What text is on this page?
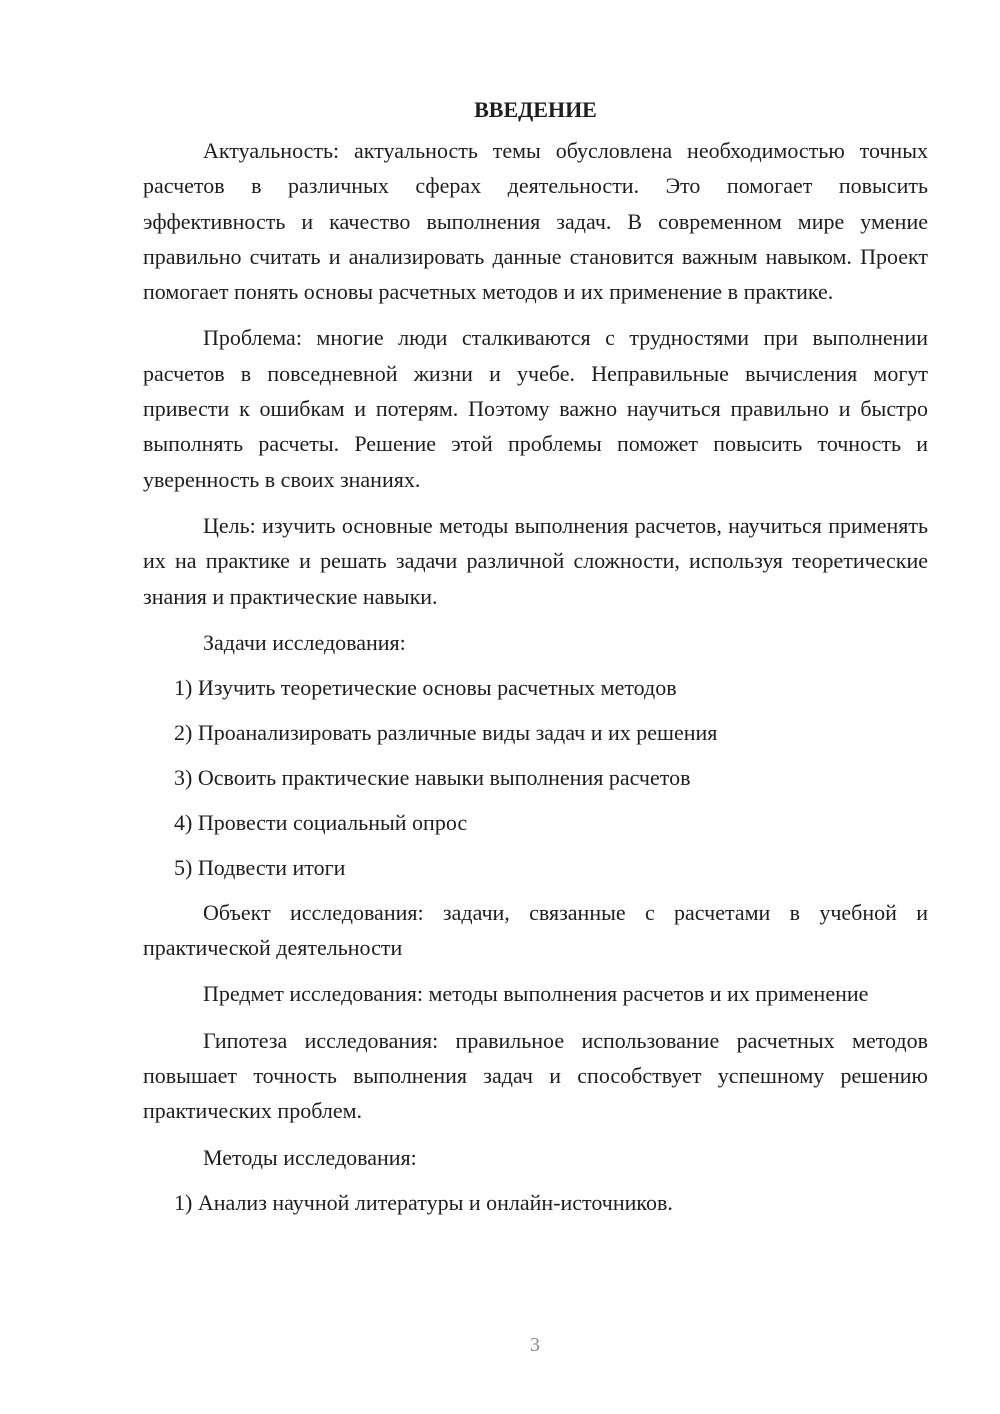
ВВЕДЕНИЕ

Актуальность: актуальность темы обусловлена необходимостью точных расчетов в различных сферах деятельности. Это помогает повысить эффективность и качество выполнения задач. В современном мире умение правильно считать и анализировать данные становится важным навыком. Проект помогает понять основы расчетных методов и их применение в практике.

Проблема: многие люди сталкиваются с трудностями при выполнении расчетов в повседневной жизни и учебе. Неправильные вычисления могут привести к ошибкам и потерям. Поэтому важно научиться правильно и быстро выполнять расчеты. Решение этой проблемы поможет повысить точность и уверенность в своих знаниях.

Цель: изучить основные методы выполнения расчетов, научиться применять их на практике и решать задачи различной сложности, используя теоретические знания и практические навыки.

Задачи исследования:
1) Изучить теоретические основы расчетных методов
2) Проанализировать различные виды задач и их решения
3) Освоить практические навыки выполнения расчетов
4) Провести социальный опрос
5) Подвести итоги

Объект исследования: задачи, связанные с расчетами в учебной и практической деятельности

Предмет исследования: методы выполнения расчетов и их применение

Гипотеза исследования: правильное использование расчетных методов повышает точность выполнения задач и способствует успешному решению практических проблем.

Методы исследования:
1) Анализ научной литературы и онлайн-источников.
3
